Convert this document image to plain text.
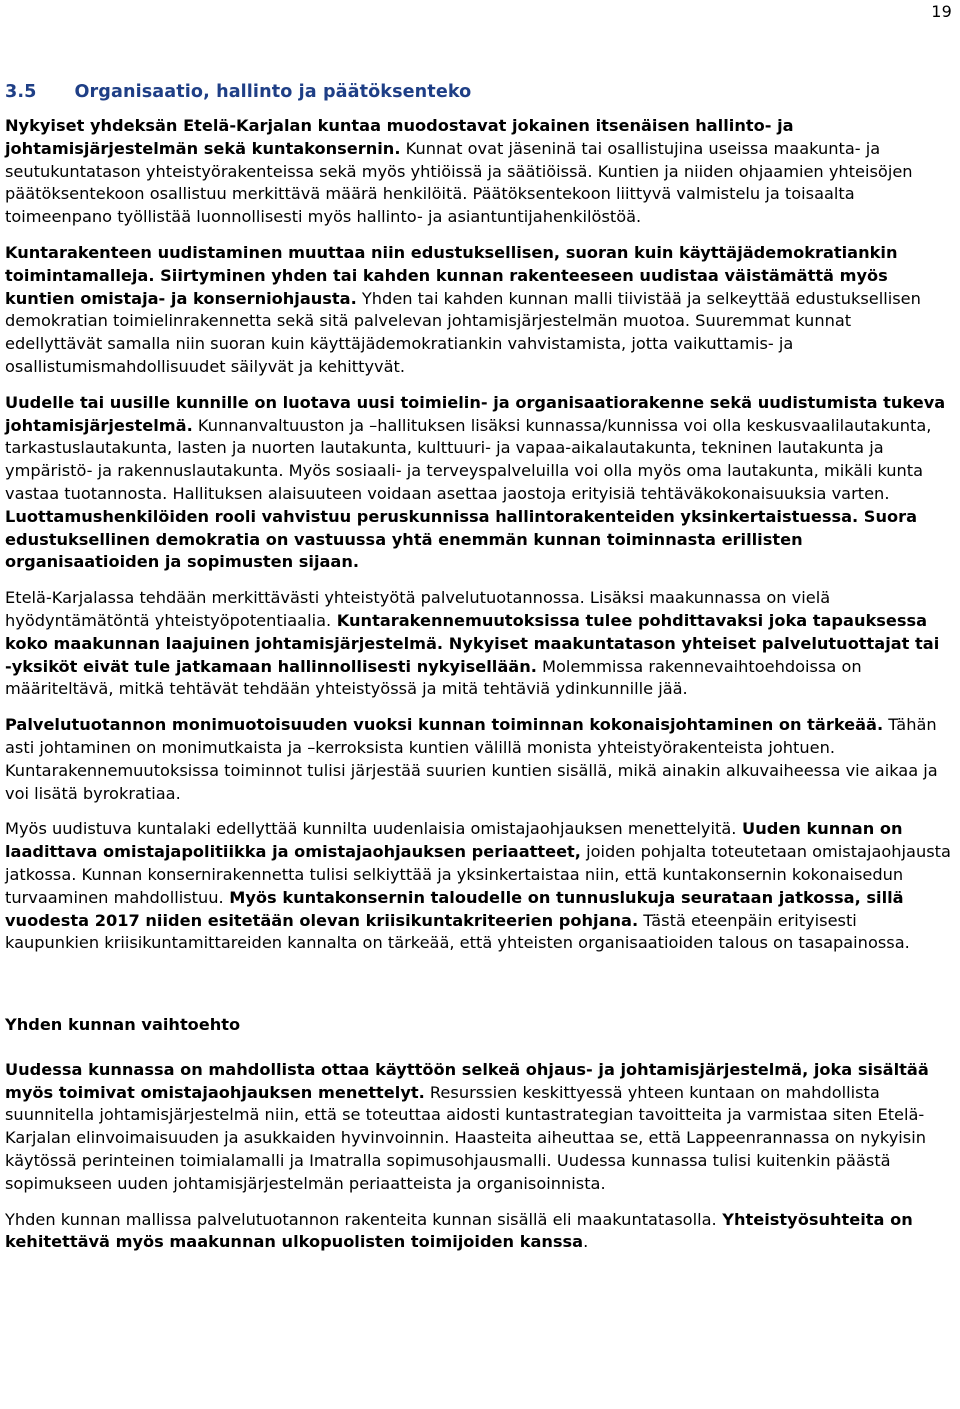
19
3.5 Organisaatio, hallinto ja päätöksenteko

Nykyiset yhdeksän Etelä-Karjalan kuntaa muodostavat jokainen itsenäisen hallinto- ja johtamisjärjestelmän sekä kuntakonsernin. Kunnat ovat jäseninä tai osallistujina useissa maakunta- ja seutukuntatason yhteistyörakenteissa sekä myös yhtiöissä ja säätiöissä. Kuntien ja niiden ohjaamien yhteisöjen päätöksentekoon osallistuu merkittävä määrä henkilöitä. Päätöksentekoon liittyvä valmistelu ja toisaalta toimeenpano työllistää luonnollisesti myös hallinto- ja asiantuntijahenkilöstöä.

Kuntarakenteen uudistaminen muuttaa niin edustuksellisen, suoran kuin käyttäjädemokratiankin toimintamalleja. Siirtyminen yhden tai kahden kunnan rakenteeseen uudistaa väistämättä myös kuntien omistaja- ja konserniohjausta. Yhden tai kahden kunnan malli tiivistää ja selkeyttää edustuksellisen demokratian toimielinrakennetta sekä sitä palvelevan johtamisjärjestelmän muotoa. Suuremmat kunnat edellyttävät samalla niin suoran kuin käyttäjädemokratiankin vahvistamista, jotta vaikuttamis- ja osallistumismahdollisuudet säilyvät ja kehittyvät.

Uudelle tai uusille kunnille on luotava uusi toimielin- ja organisaatiorakenne sekä uudistumista tukeva johtamisjärjestelmä. Kunnanvaltuuston ja –hallituksen lisäksi kunnassa/kunnissa voi olla keskusvaalilautakunta, tarkastuslautakunta, lasten ja nuorten lautakunta, kulttuuri- ja vapaa-aikalautakunta, tekninen lautakunta ja ympäristö- ja rakennuslautakunta. Myös sosiaali- ja terveyspalveluilla voi olla myös oma lautakunta, mikäli kunta vastaa tuotannosta. Hallituksen alaisuuteen voidaan asettaa jaostoja erityisiä tehtäväkokonaisuuksia varten. Luottamushenkilöiden rooli vahvistuu peruskunnissa hallintorakenteiden yksinkertaistuessa. Suora edustuksellinen demokratia on vastuussa yhtä enemmän kunnan toiminnasta erillisten organisaatioiden ja sopimusten sijaan.

Etelä-Karjalassa tehdään merkittävästi yhteistyötä palvelutuotannossa. Lisäksi maakunnassa on vielä hyödyntämätöntä yhteistyöpotentiaalia. Kuntarakennemuutoksissa tulee pohdittavaksi joka tapauksessa koko maakunnan laajuinen johtamisjärjestelmä. Nykyiset maakuntatason yhteiset palvelutuottajat tai -yksiköt eivät tule jatkamaan hallinnollisesti nykyisellään. Molemmissa rakennevaihtoehdoissa on määriteltävä, mitkä tehtävät tehdään yhteistyössä ja mitä tehtäviä ydinkunnille jää.

Palvelutuotannon monimuotoisuuden vuoksi kunnan toiminnan kokonaisjohtaminen on tärkeää. Tähän asti johtaminen on monimutkaista ja –kerroksista kuntien välillä monista yhteistyörakenteista johtuen. Kuntarakennemuutoksissa toiminnot tulisi järjestää suurien kuntien sisällä, mikä ainakin alkuvaiheessa vie aikaa ja voi lisätä byrokratiaa.

Myös uudistuva kuntalaki edellyttää kunnilta uudenlaisia omistajaohjauksen menettelyitä. Uuden kunnan on laadittava omistajapolitiikka ja omistajaohjauksen periaatteet, joiden pohjalta toteutetaan omistajaohjausta jatkossa. Kunnan konsernirakennetta tulisi selkiyttää ja yksinkertaistaa niin, että kuntakonsernin kokonaisedun turvaaminen mahdollistuu. Myös kuntakonsernin taloudelle on tunnuslukuja seurataan jatkossa, sillä vuodesta 2017 niiden esitetään olevan kriisikuntakriteerien pohjana. Tästä eteenpäin erityisesti kaupunkien kriisikuntamittareiden kannalta on tärkeää, että yhteisten organisaatioiden talous on tasapainossa.

Yhden kunnan vaihtoehto

Uudessa kunnassa on mahdollista ottaa käyttöön selkeä ohjaus- ja johtamisjärjestelmä, joka sisältää myös toimivat omistajaohjauksen menettelyt. Resurssien keskittyessä yhteen kuntaan on mahdollista suunnitella johtamisjärjestelmä niin, että se toteuttaa aidosti kuntastrategian tavoitteita ja varmistaa siten Etelä-Karjalan elinvoimaisuuden ja asukkaiden hyvinvoinnin. Haasteita aiheuttaa se, että Lappeenrannassa on nykyisin käytössä perinteinen toimialamalli ja Imatralla sopimusohjausmalli. Uudessa kunnassa tulisi kuitenkin päästä sopimukseen uuden johtamisjärjestelmän periaatteista ja organisoinnista.

Yhden kunnan mallissa palvelutuotannon rakenteita kunnan sisällä eli maakuntatasolla. Yhteistyösuhteita on kehitettävä myös maakunnan ulkopuolisten toimijoiden kanssa.
